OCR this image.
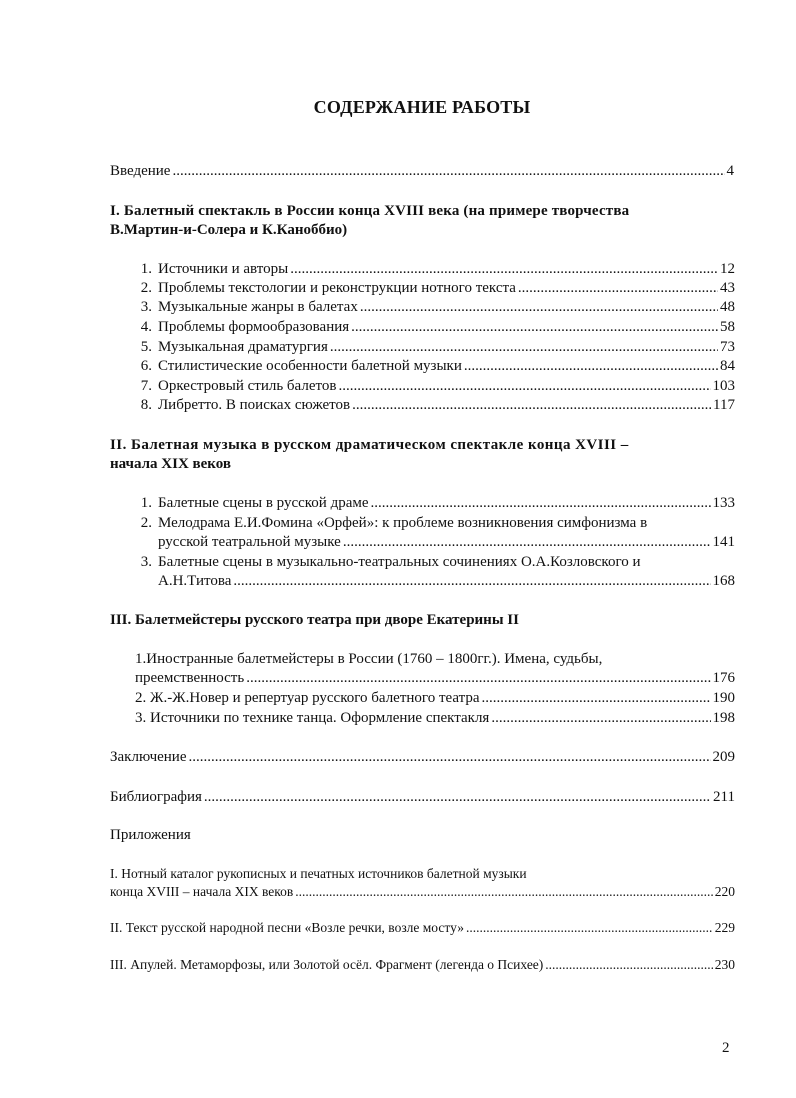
СОДЕРЖАНИЕ РАБОТЫ
Введение .....	4
I. Балетный спектакль в России конца XVIII века (на примере творчества
В.Мартин-и-Солера и К.Каноббио)
1. Источники и авторы .....	12
2. Проблемы текстологии и реконструкции нотного текста .....	43
3. Музыкальные жанры в балетах .....	48
4. Проблемы формообразования .....	58
5. Музыкальная драматургия .....	73
6. Стилистические особенности балетной музыки .....	84
7. Оркестровый стиль балетов .....	103
8. Либретто. В поисках сюжетов .....	117
II. Балетная музыка в русском драматическом спектакле конца XVIII –
начала XIX веков
1. Балетные сцены в русской драме .....	133
2. Мелодрама Е.И.Фомина «Орфей»: к проблеме возникновения симфонизма в
русской театральной музыке .....	141
3. Балетные сцены в музыкально-театральных сочинениях О.А.Козловского и
А.Н.Титова .....	168
III. Балетмейстеры русского театра при дворе Екатерины II
1.Иностранные балетмейстеры в России (1760 – 1800гг.). Имена, судьбы,
преемственность .....	176
2. Ж.-Ж.Новер и репертуар русского балетного театра .....	190
3. Источники по технике танца. Оформление спектакля .....	198
Заключение .....	209
Библиография .....	211
Приложения
I. Нотный каталог рукописных и печатных источников балетной музыки
конца XVIII – начала XIX веков .....	220
II. Текст русской народной песни «Возле речки, возле мосту» .....	229
III. Апулей. Метаморфозы, или Золотой осёл. Фрагмент (легенда о Психее) .....	230
2
